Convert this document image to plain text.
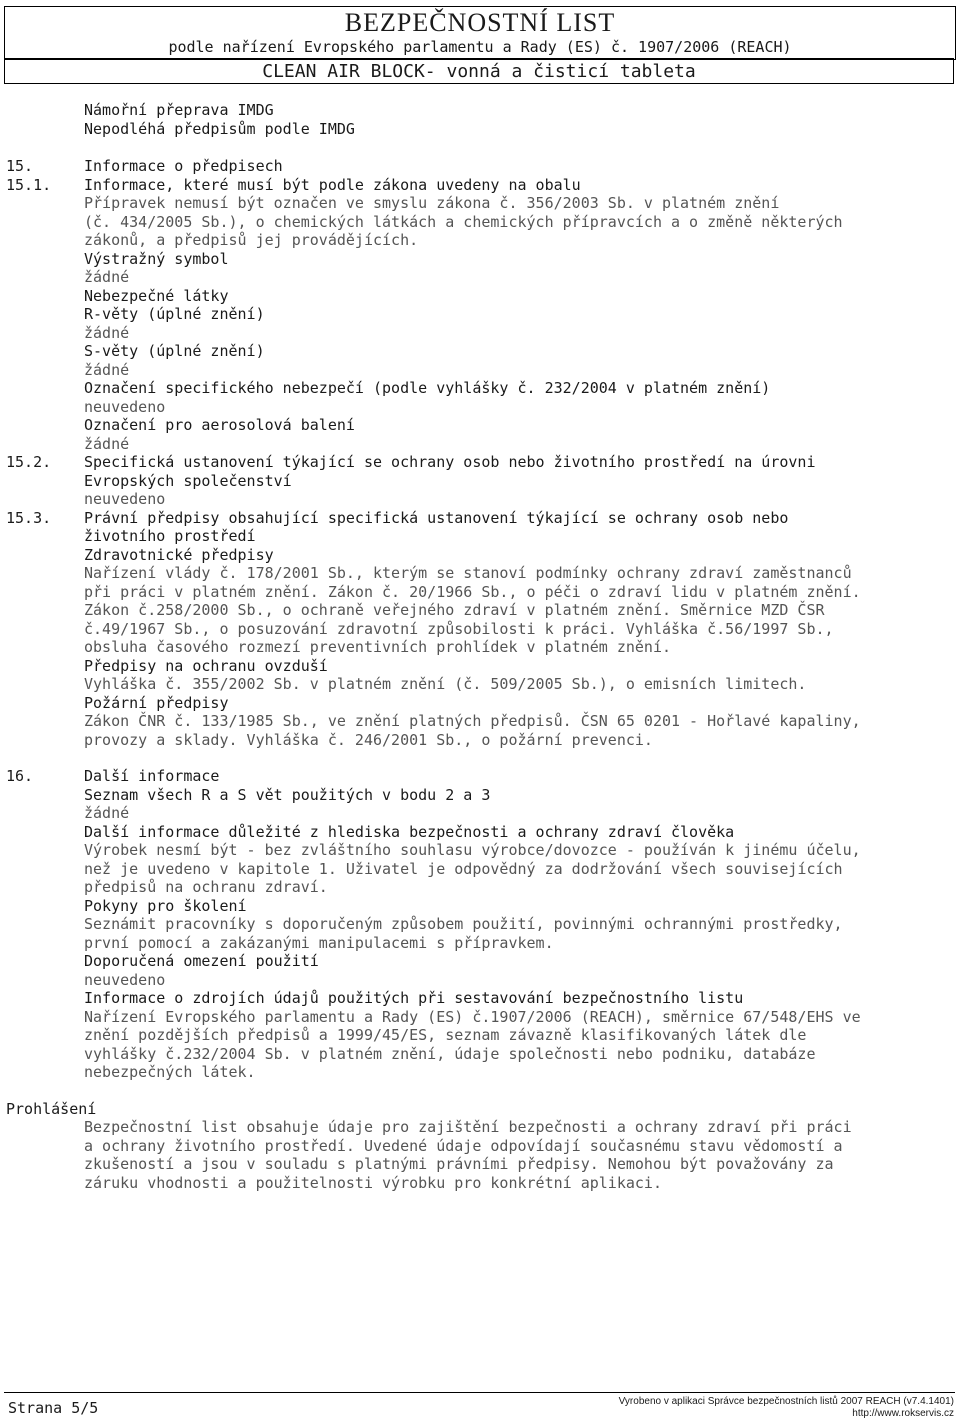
BEZPEČNOSTNÍ LIST
podle nařízení Evropského parlamentu a Rady (ES) č. 1907/2006 (REACH)
CLEAN AIR BLOCK- vonná a čisticí tableta
Námořní přeprava IMDG
Nepodléhá předpisům podle IMDG
15.	Informace o předpisech
15.1. Informace, které musí být podle zákona uvedeny na obalu
Přípravek nemusí být označen ve smyslu zákona č. 356/2003 Sb. v platném znění
(č. 434/2005 Sb.), o chemických látkách a chemických přípravcích a o změně některých
zákonů, a předpisů jej provádějících.
Výstražný symbol
žádné
Nebezpečné látky
R-věty (úplné znění)
žádné
S-věty (úplné znění)
žádné
Označení specifického nebezpečí (podle vyhlášky č. 232/2004 v platném znění)
neuvedeno
Označení pro aerosolová balení
žádné
15.2. Specifická ustanovení týkající se ochrany osob nebo životního prostředí na úrovni
Evropských společenství
neuvedeno
15.3. Právní předpisy obsahující specifická ustanovení týkající se ochrany osob nebo
životního prostředí
Zdravotnické předpisy
Nařízení vlády č. 178/2001 Sb., kterým se stanoví podmínky ochrany zdraví zaměstnanců
při práci v platném znění. Zákon č. 20/1966 Sb., o péči o zdraví lidu v platném znění.
Zákon č.258/2000 Sb., o ochraně veřejného zdraví v platném znění. Směrnice MZD ČSR
č.49/1967 Sb., o posuzování zdravotní způsobilosti k práci. Vyhláška č.56/1997 Sb.,
obsluha časového rozmezí preventivních prohlídek v platném znění.
Předpisy na ochranu ovzduší
Vyhláška č. 355/2002 Sb. v platném znění (č. 509/2005 Sb.), o emisních limitech.
Požární předpisy
Zákon ČNR č. 133/1985 Sb., ve znění platných předpisů. ČSN 65 0201 - Hořlavé kapaliny,
provozy a sklady. Vyhláška č. 246/2001 Sb., o požární prevenci.
16.	Další informace
Seznam všech R a S vět použitých v bodu 2 a 3
žádné
Další informace důležité z hlediska bezpečnosti a ochrany zdraví člověka
Výrobek nesmí být - bez zvláštního souhlasu výrobce/dovozce - používán k jinému účelu,
než je uvedeno v kapitole 1. Uživatel je odpovědný za dodržování všech souvisejících
předpisů na ochranu zdraví.
Pokyny pro školení
Seznámit pracovníky s doporučeným způsobem použití, povinnými ochrannými prostředky,
první pomocí a zakázanými manipulacemi s přípravkem.
Doporučená omezení použití
neuvedeno
Informace o zdrojích údajů použitých při sestavování bezpečnostního listu
Nařízení Evropského parlamentu a Rady (ES) č.1907/2006 (REACH), směrnice 67/548/EHS ve
znění pozdějších předpisů a 1999/45/ES, seznam závazně klasifikovaných látek dle
vyhlášky č.232/2004 Sb. v platném znění, údaje společnosti nebo podniku, databáze
nebezpečných látek.
Prohlášení
Bezpečnostní list obsahuje údaje pro zajištění bezpečnosti a ochrany zdraví při práci
a ochrany životního prostředí. Uvedené údaje odpovídají současnému stavu vědomostí a
zkušeností a jsou v souladu s platnými právními předpisy. Nemohou být považovány za
záruku vhodnosti a použitelnosti výrobku pro konkrétní aplikaci.
Strana 5/5	Vyrobeno v aplikaci Správce bezpečnostních listů 2007 REACH (v7.4.1401)
http://www.rokservis.cz
